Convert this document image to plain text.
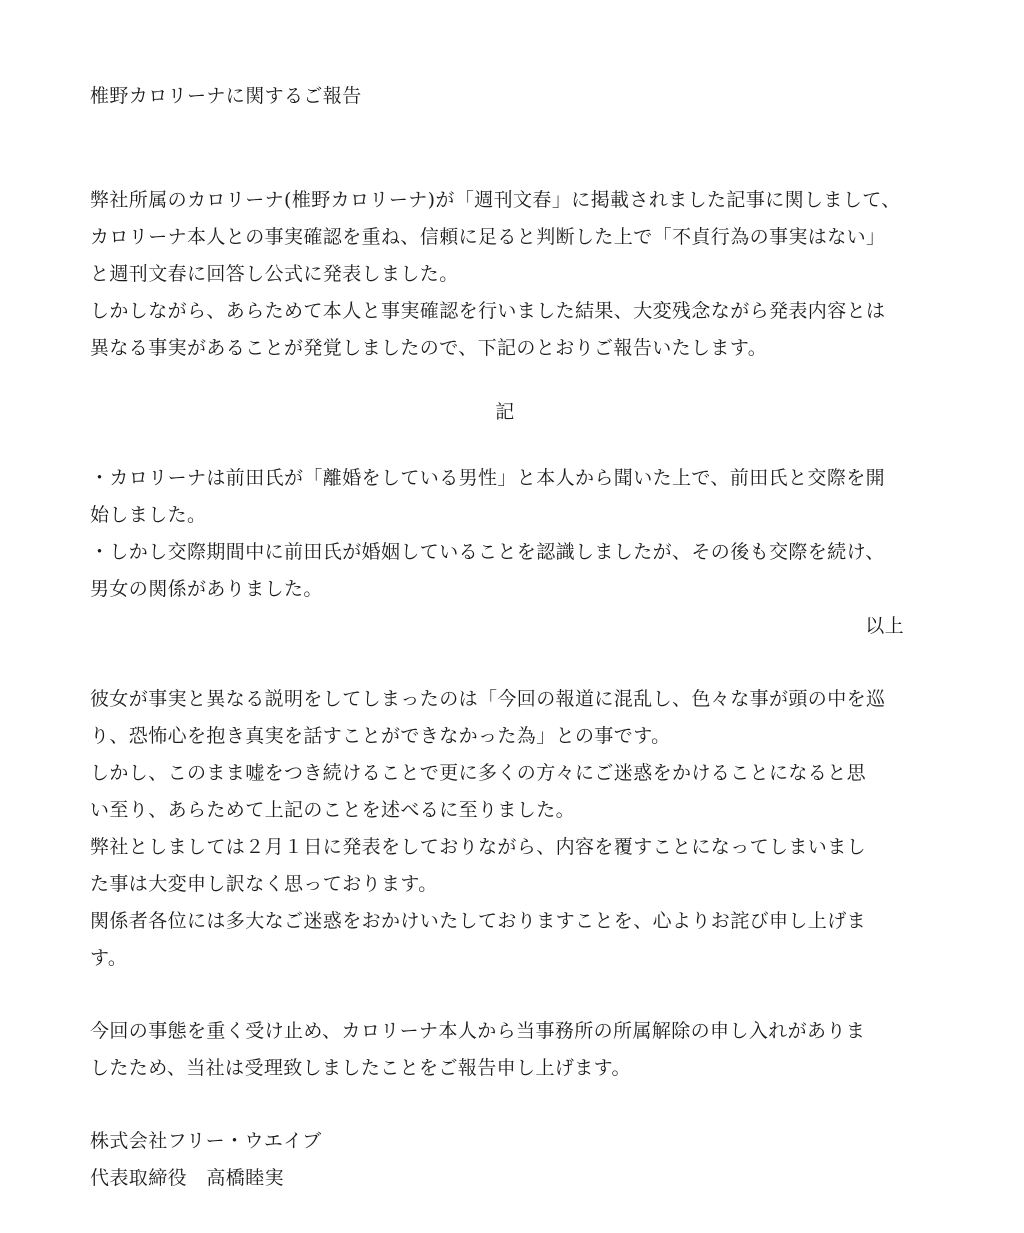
椎野カロリーナに関するご報告
弊社所属のカロリーナ(椎野カロリーナ)が「週刊文春」に掲載されました記事に関しまして、
カロリーナ本人との事実確認を重ね、信頼に足ると判断した上で「不貞行為の事実はない」
と週刊文春に回答し公式に発表しました。
しかしながら、あらためて本人と事実確認を行いました結果、大変残念ながら発表内容とは
異なる事実があることが発覚しましたので、下記のとおりご報告いたします。
記
・カロリーナは前田氏が「離婚をしている男性」と本人から聞いた上で、前田氏と交際を開
始しました。
・しかし交際期間中に前田氏が婚姻していることを認識しましたが、その後も交際を続け、
男女の関係がありました。
以上
彼女が事実と異なる説明をしてしまったのは「今回の報道に混乱し、色々な事が頭の中を巡
り、恐怖心を抱き真実を話すことができなかった為」との事です。
しかし、このまま嘘をつき続けることで更に多くの方々にご迷惑をかけることになると思
い至り、あらためて上記のことを述べるに至りました。
弊社としましては２月１日に発表をしておりながら、内容を覆すことになってしまいまし
た事は大変申し訳なく思っております。
関係者各位には多大なご迷惑をおかけいたしておりますことを、心よりお詫び申し上げま
す。
今回の事態を重く受け止め、カロリーナ本人から当事務所の所属解除の申し入れがありま
したため、当社は受理致しましたことをご報告申し上げます。
株式会社フリー・ウエイブ
代表取締役　高橋睦実
